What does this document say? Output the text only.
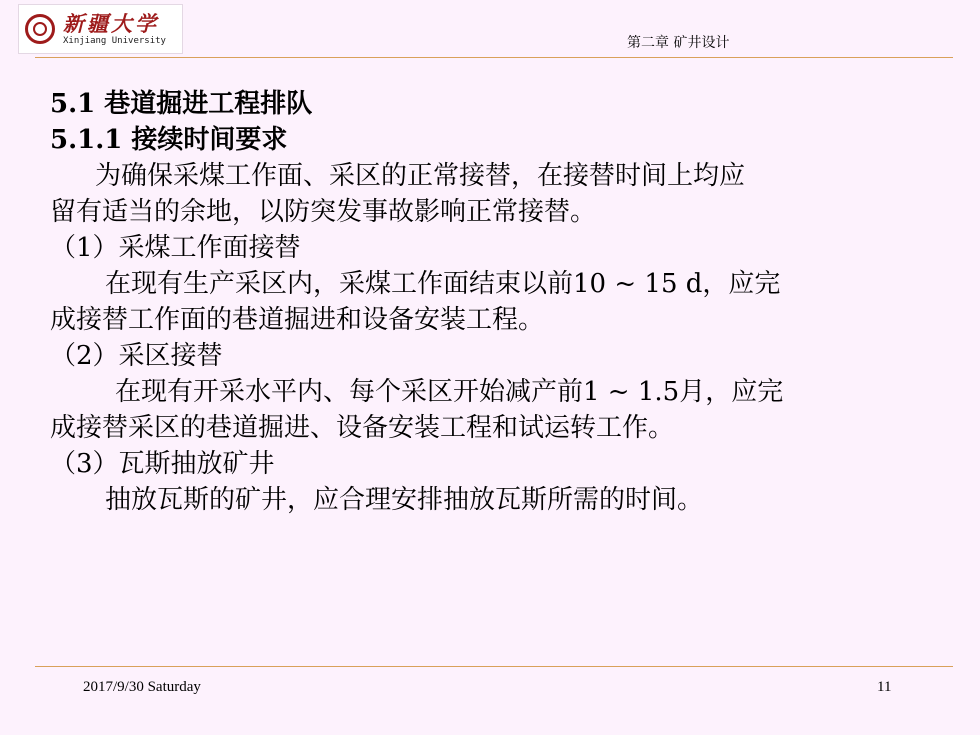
新疆大学
Xinjiang University	第二章 矿井设计
5.1 巷道掘进工程排队
5.1.1 接续时间要求
为确保采煤工作面、采区的正常接替，在接替时间上均应
留有适当的余地，以防突发事故影响正常接替。
（1）采煤工作面接替
在现有生产采区内，采煤工作面结束以前10 ~ 15 d，应完
成接替工作面的巷道掘进和设备安装工程。
（2）采区接替
在现有开采水平内、每个采区开始减产前1 ~ 1.5月，应完
成接替采区的巷道掘进、设备安装工程和试运转工作。
（3）瓦斯抽放矿井
抽放瓦斯的矿井，应合理安排抽放瓦斯所需的时间。
2017/9/30 Saturday	11
